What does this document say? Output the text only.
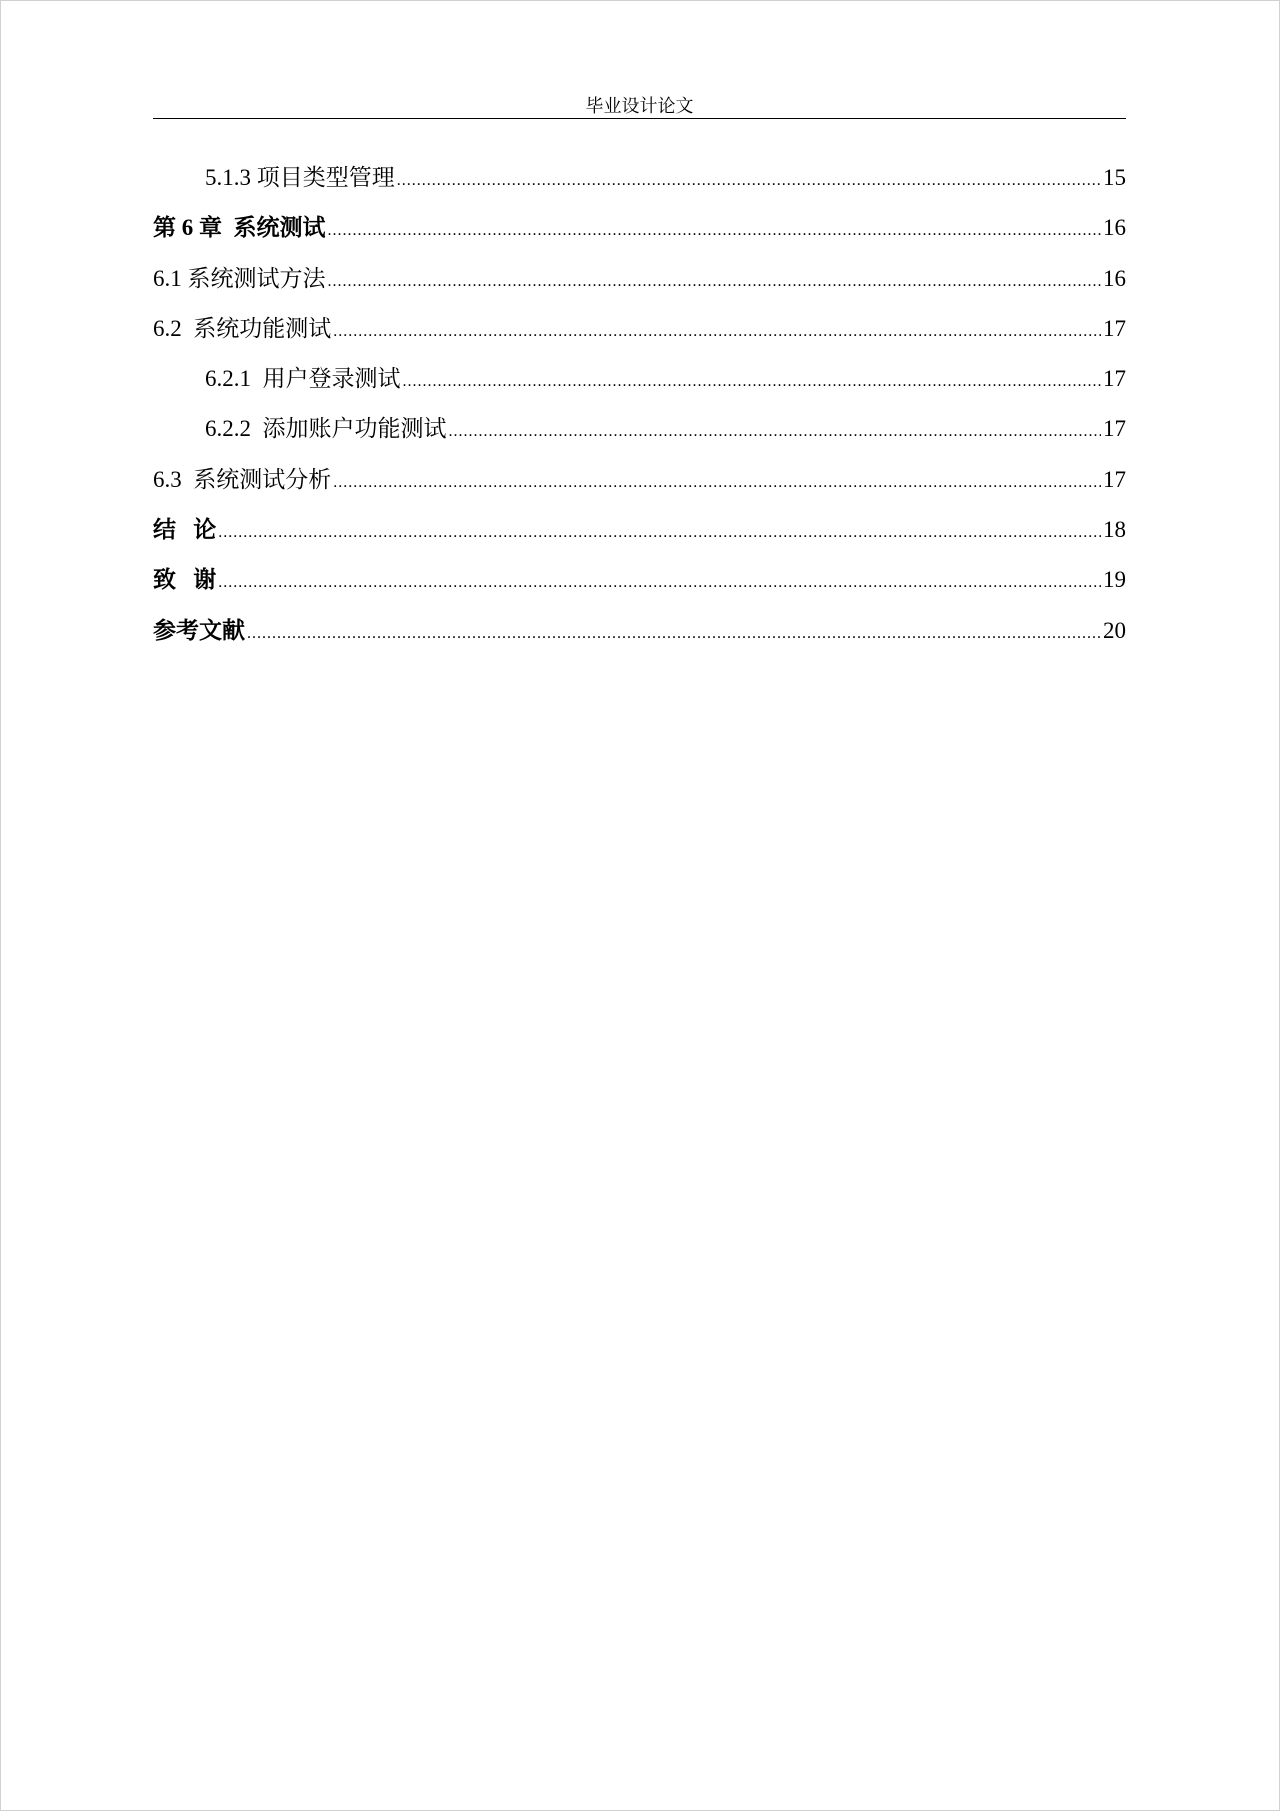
毕业设计论文
5.1.3 项目类型管理 .....	15
第 6 章  系统测试 .....	16
6.1 系统测试方法 .....	16
6.2  系统功能测试 .....	17
6.2.1  用户登录测试 .....	17
6.2.2  添加账户功能测试 .....	17
6.3  系统测试分析 .....	17
结   论 .....	18
致   谢 .....	19
参考文献 .....	20
